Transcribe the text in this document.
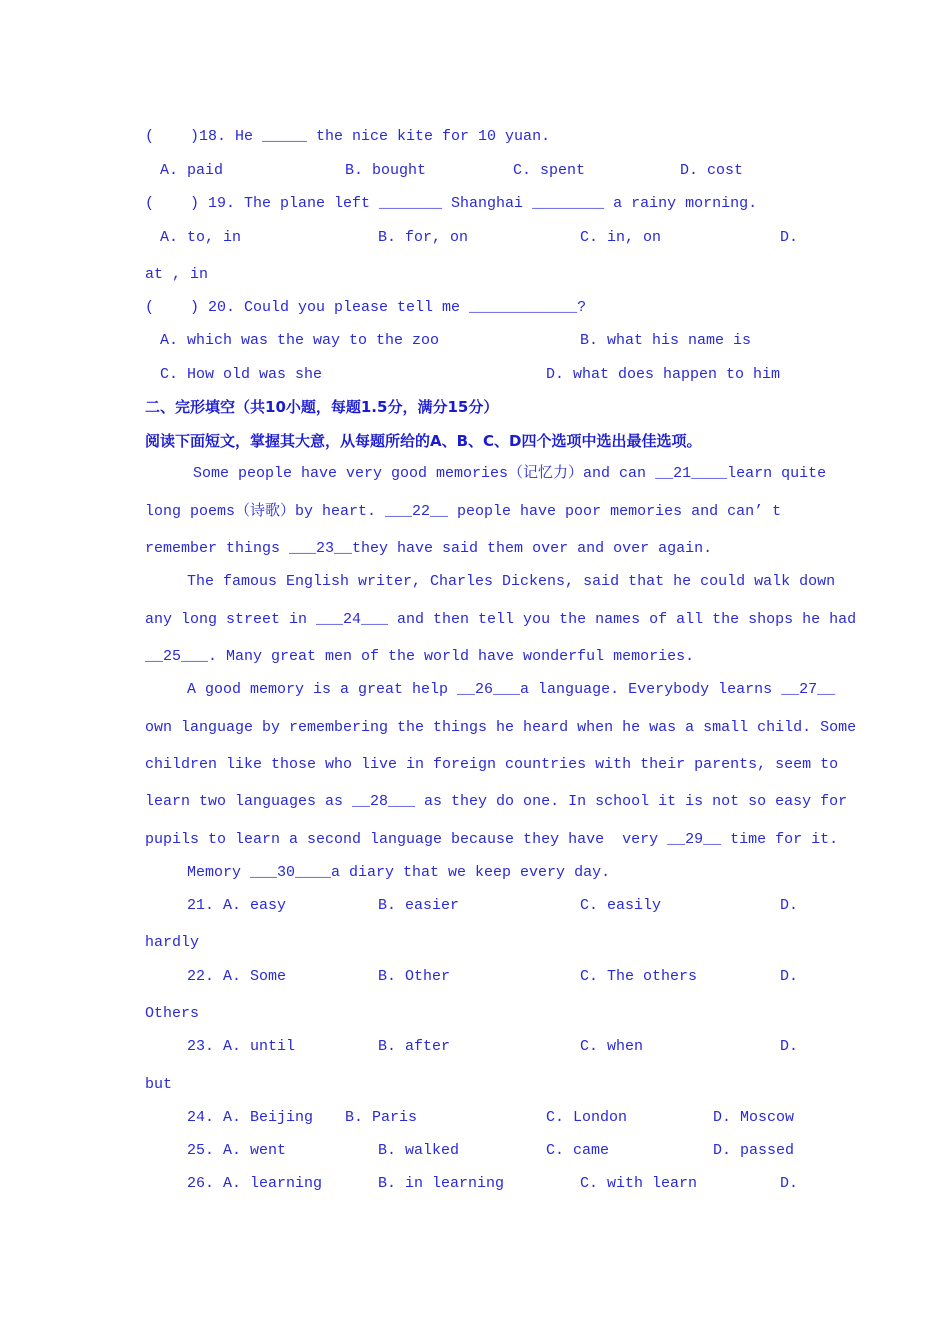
(    )18. He _____ the nice kite for 10 yuan.
A. paid	B. bought	C. spent	D. cost
(    ) 19. The plane left _______ Shanghai ________ a rainy morning.
A. to, in	B. for, on	C. in, on	D.
at , in
(    ) 20. Could you please tell me ____________?
A. which was the way to the zoo	B. what his name is
C. How old was she	D. what does happen to him
二、完形填空（共10小题，每题1.5分，满分15分）
阅读下面短文，掌握其大意，从每题所给的A、B、C、D四个选项中选出最佳选项。
Some people have very good memories（记忆力）and can __21____learn quite
long poems（诗歌）by heart. ___22__ people have poor memories and can’ t
remember things ___23__they have said them over and over again.
The famous English writer, Charles Dickens, said that he could walk down
any long street in ___24___ and then tell you the names of all the shops he had
__25___. Many great men of the world have wonderful memories.
A good memory is a great help __26___a language. Everybody learns __27__
own language by remembering the things he heard when he was a small child. Some
children like those who live in foreign countries with their parents, seem to
learn two languages as __28___ as they do one. In school it is not so easy for
pupils to learn a second language because they have  very __29__ time for it.
Memory ___30____a diary that we keep every day.
21. A. easy	B. easier	C. easily	D.
hardly
22. A. Some	B. Other	C. The others	D.
Others
23. A. until	B. after	C. when	D.
but
24. A. Beijing B. Paris	C. London	D. Moscow
25. A. went	B. walked	C. came	D. passed
26. A. learning	B. in learning	C. with learn	D.
